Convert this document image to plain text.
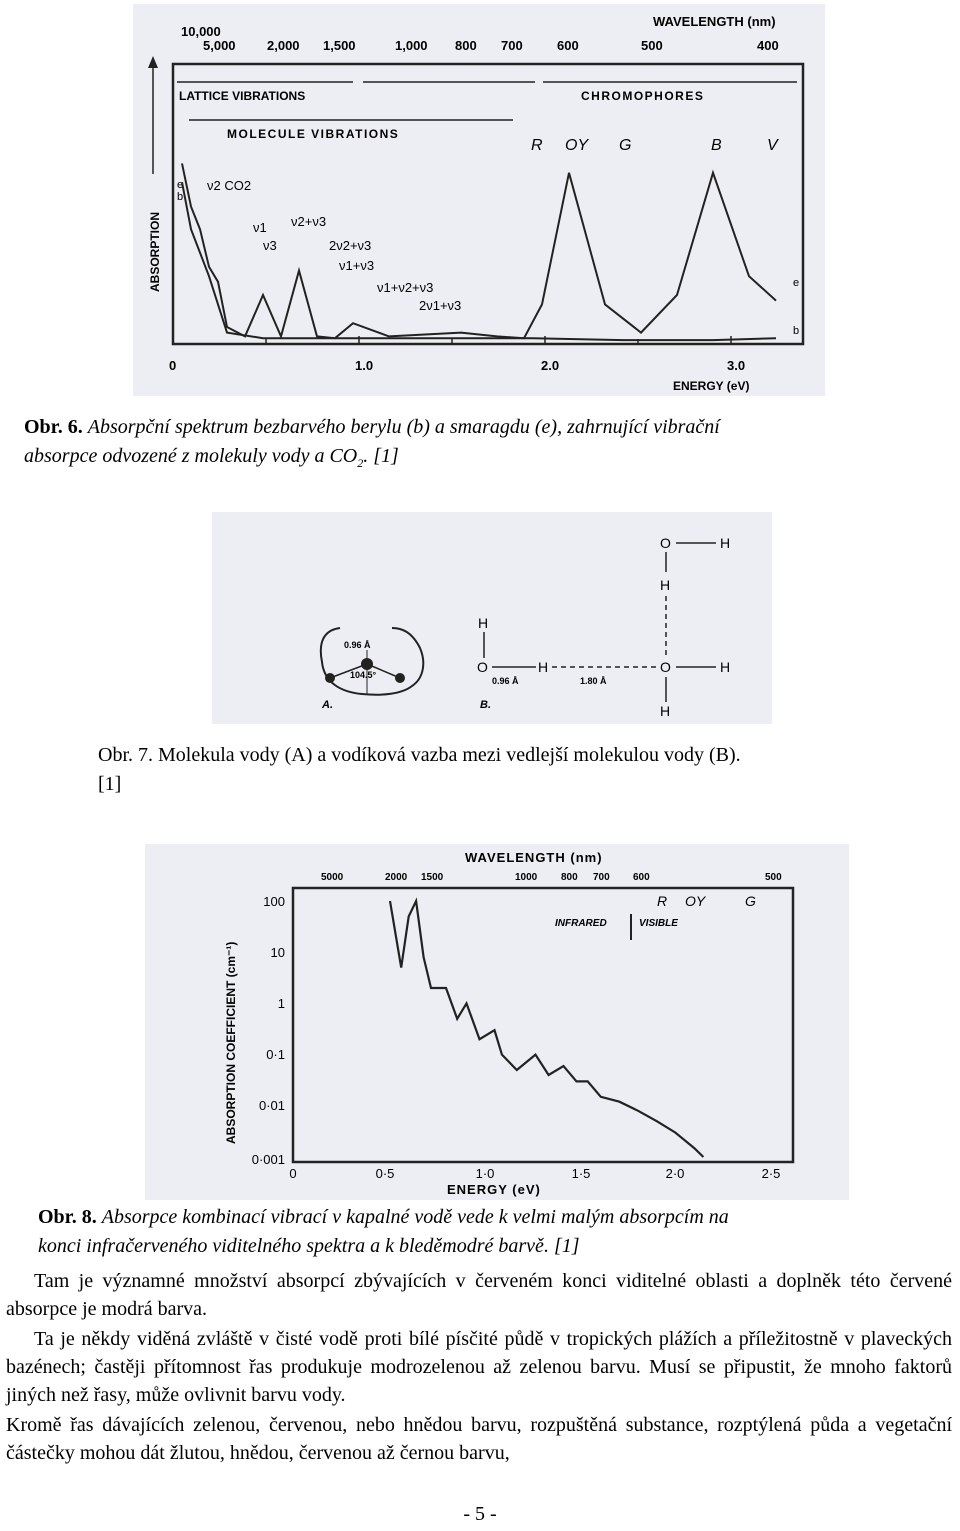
WAVELENGTH (nm)
10,000
5,000 2,000 1,500	1,000 800 700	600	500	400
LATTICE VIBRATIONS	CHROMOPHORES
MOLECULE VIBRATIONS
R OY G	B	V
ABSORPTION
0	1.0	2.0	3.0
ENERGY (eV)
ν2 CO2
ν1
ν3
ν2+ν3
2ν2+ν3
ν1+ν3
ν1+ν2+ν3
2ν1+ν3
e
b
e
b
Obr. 6. Absorpční spektrum bezbarvého berylu (b) a smaragdu (e), zahrnující vibrační
absorpce odvozené z molekuly vody a $CO_2$. [1]
0.96 Å
104.5°
A.
H
O	H	O	H
H
H
O	H
0.96 Å	1.80 Å
B.
Obr. 7. Molekula vody (A) a vodíková vazba mezi vedlejší molekulou vody (B).
[1]
WAVELENGTH (nm)
5000	2000 1500	1000 800 700 600	500
R OY	G
INFRARED	VISIBLE
ABSORPTION COEFFICIENT (cm⁻¹)
100
10
1
0·1
0·01
0·001
0	0·5	1·0	1·5	2·0	2·5
ENERGY (eV)
Obr. 8. Absorpce kombinací vibrací v kapalné vodě vede k velmi malým absorpcím na
konci infračerveného viditelného spektra a k bleděmodré barvě. [1]
Tam je významné množství absorpcí zbývajících v červeném konci viditelné oblasti a doplněk této červené absorpce je modrá barva.
Ta je někdy viděná zvláště v čisté vodě proti bílé písčité půdě v tropických plážích a příležitostně v plaveckých bazénech; častěji přítomnost řas produkuje modrozelenou až zelenou barvu. Musí se připustit, že mnoho faktorů jiných než řasy, může ovlivnit barvu vody.
Kromě řas dávajících zelenou, červenou, nebo hnědou barvu, rozpuštěná substance, rozptýlená půda a vegetační částečky mohou dát žlutou, hnědou, červenou až černou barvu,
- 5 -
